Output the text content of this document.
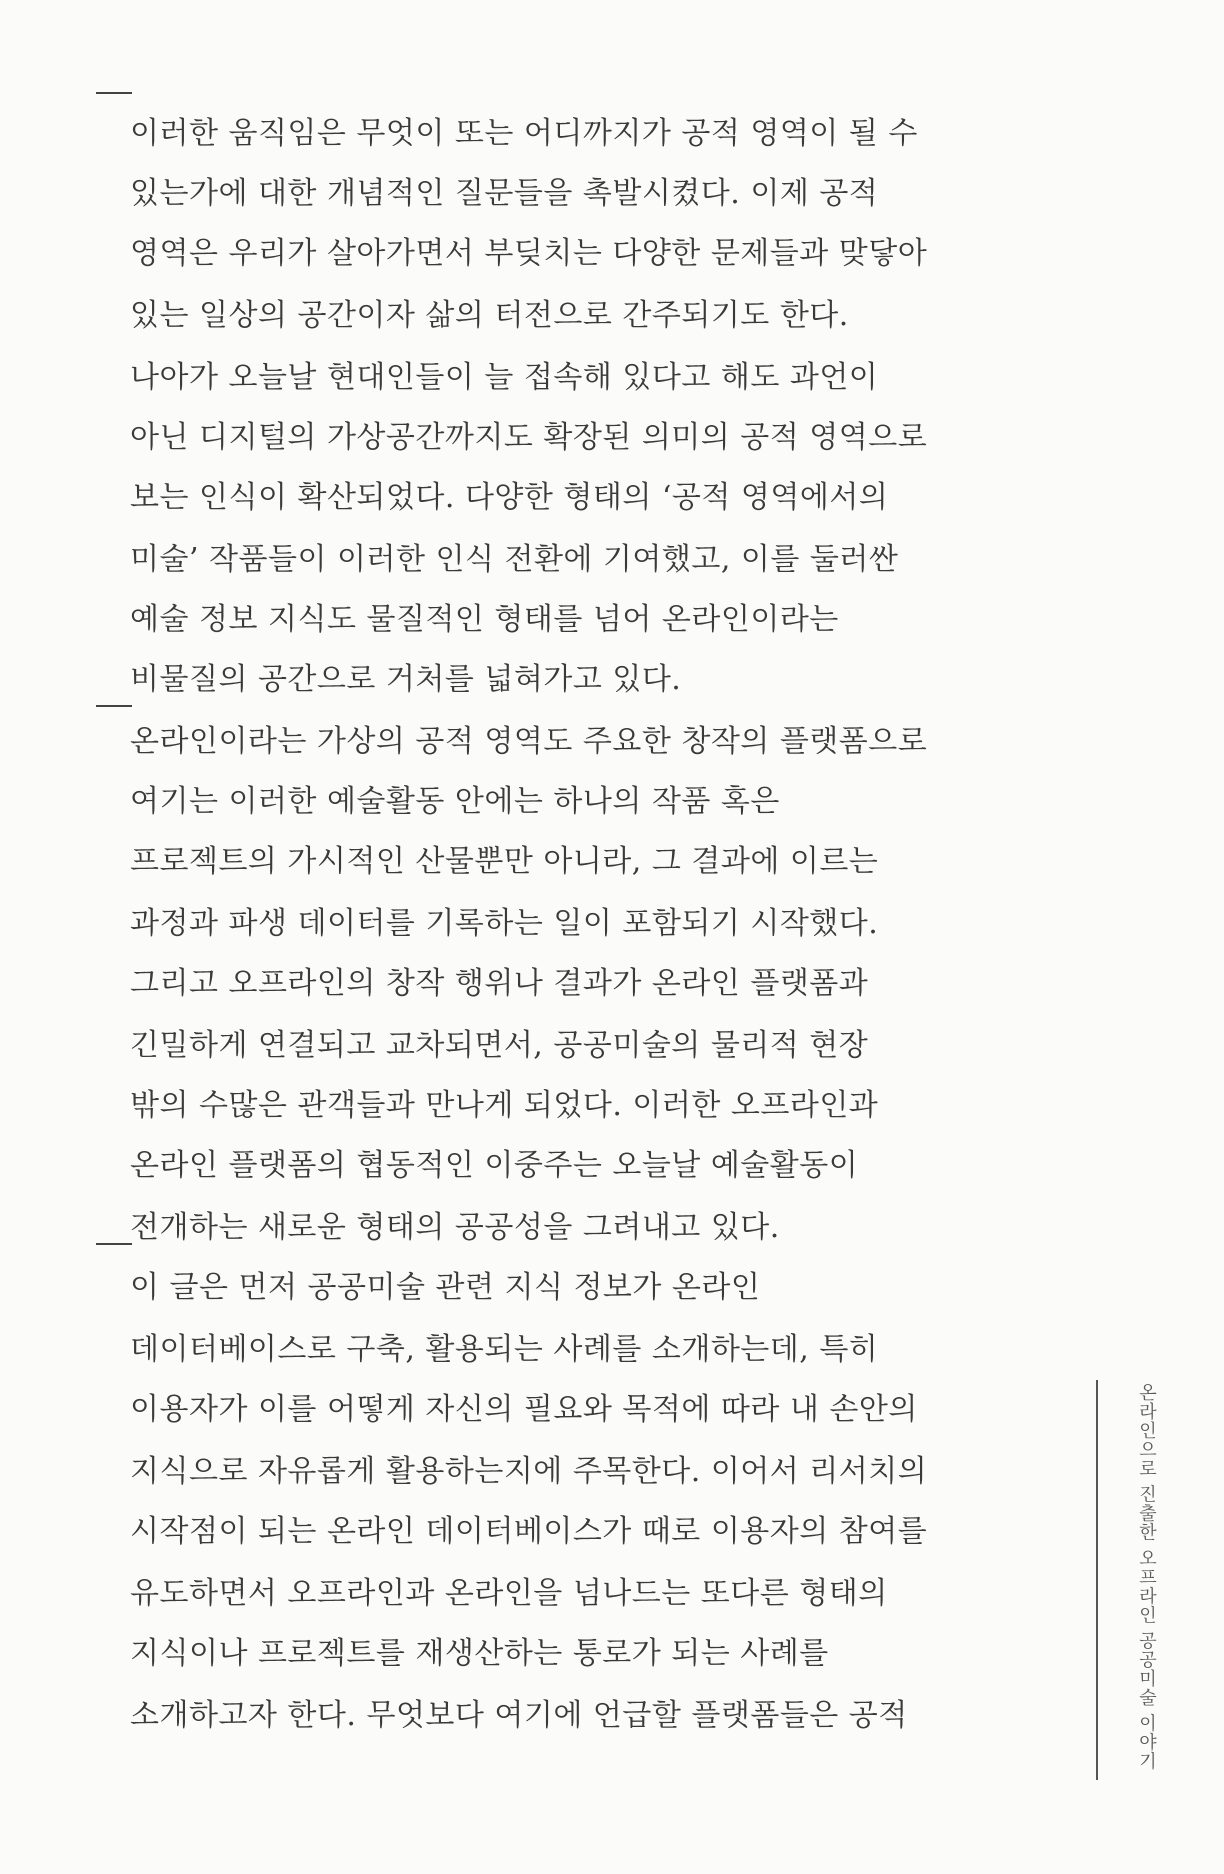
이러한 움직임은 무엇이 또는 어디까지가 공적 영역이 될 수
있는가에 대한 개념적인 질문들을 촉발시켰다. 이제 공적
영역은 우리가 살아가면서 부딪치는 다양한 문제들과 맞닿아
있는 일상의 공간이자 삶의 터전으로 간주되기도 한다.
나아가 오늘날 현대인들이 늘 접속해 있다고 해도 과언이
아닌 디지털의 가상공간까지도 확장된 의미의 공적 영역으로
보는 인식이 확산되었다. 다양한 형태의 ‘공적 영역에서의
미술’ 작품들이 이러한 인식 전환에 기여했고, 이를 둘러싼
예술 정보 지식도 물질적인 형태를 넘어 온라인이라는
비물질의 공간으로 거처를 넓혀가고 있다.
온라인이라는 가상의 공적 영역도 주요한 창작의 플랫폼으로
여기는 이러한 예술활동 안에는 하나의 작품 혹은
프로젝트의 가시적인 산물뿐만 아니라, 그 결과에 이르는
과정과 파생 데이터를 기록하는 일이 포함되기 시작했다.
그리고 오프라인의 창작 행위나 결과가 온라인 플랫폼과
긴밀하게 연결되고 교차되면서, 공공미술의 물리적 현장
밖의 수많은 관객들과 만나게 되었다. 이러한 오프라인과
온라인 플랫폼의 협동적인 이중주는 오늘날 예술활동이
전개하는 새로운 형태의 공공성을 그려내고 있다.
이 글은 먼저 공공미술 관련 지식 정보가 온라인
데이터베이스로 구축, 활용되는 사례를 소개하는데, 특히
이용자가 이를 어떻게 자신의 필요와 목적에 따라 내 손안의
지식으로 자유롭게 활용하는지에 주목한다. 이어서 리서치의
시작점이 되는 온라인 데이터베이스가 때로 이용자의 참여를
유도하면서 오프라인과 온라인을 넘나드는 또다른 형태의
지식이나 프로젝트를 재생산하는 통로가 되는 사례를
소개하고자 한다. 무엇보다 여기에 언급할 플랫폼들은 공적	온라인으로 진출한 오프라인 공공미술 이야기
